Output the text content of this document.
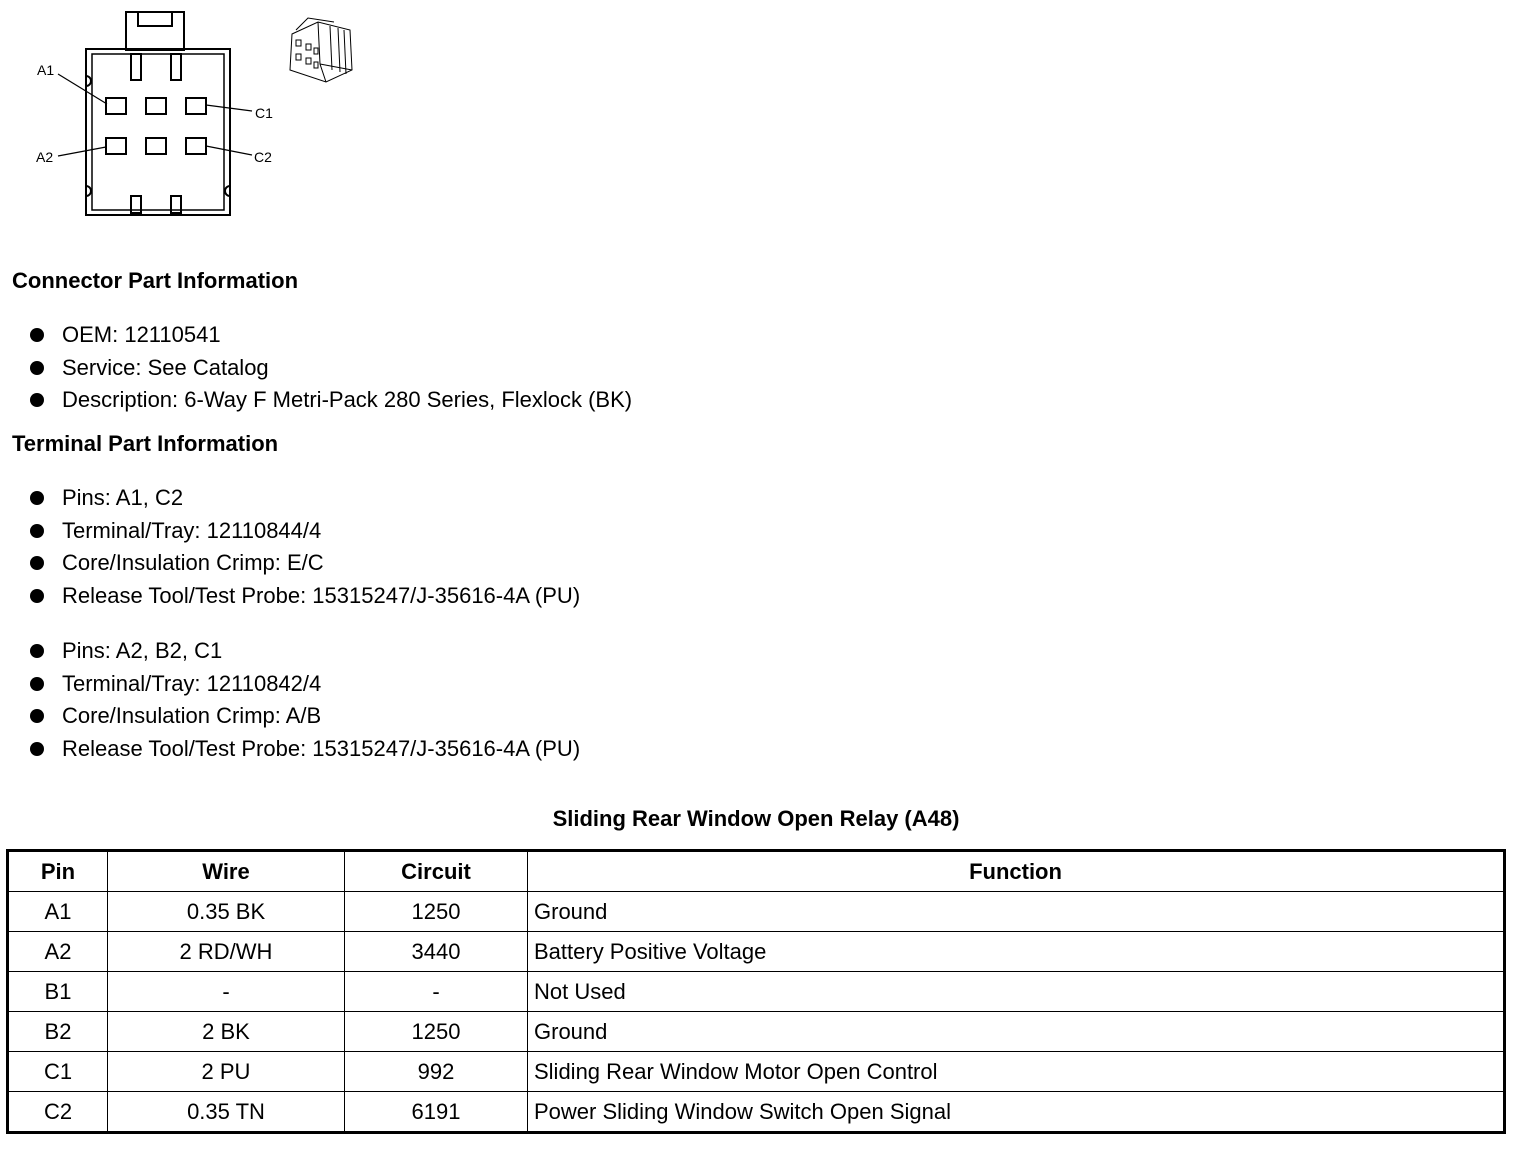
A1
A2
C1
C2
Connector Part Information
OEM: 12110541
Service: See Catalog
Description: 6-Way F Metri-Pack 280 Series, Flexlock (BK)
Terminal Part Information
Pins: A1, C2
Terminal/Tray: 12110844/4
Core/Insulation Crimp: E/C
Release Tool/Test Probe: 15315247/J-35616-4A (PU)
Pins: A2, B2, C1
Terminal/Tray: 12110842/4
Core/Insulation Crimp: A/B
Release Tool/Test Probe: 15315247/J-35616-4A (PU)
Sliding Rear Window Open Relay (A48)
Pin	Wire	Circuit	Function
A1	0.35 BK	1250	Ground
A2	2 RD/WH	3440	Battery Positive Voltage
B1	-	-	Not Used
B2	2 BK	1250	Ground
C1	2 PU	992	Sliding Rear Window Motor Open Control
C2	0.35 TN	6191	Power Sliding Window Switch Open Signal
